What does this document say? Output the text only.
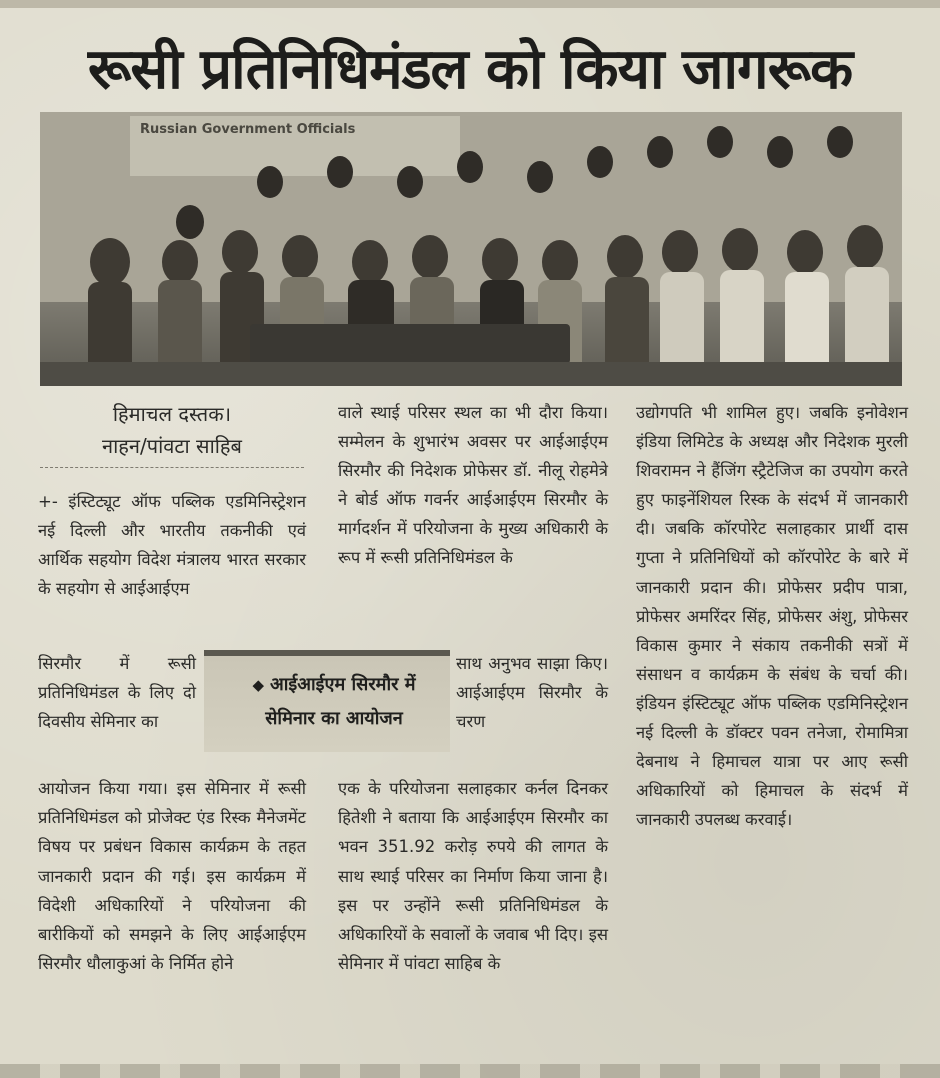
रूसी प्रतिनिधिमंडल को किया जागरूक
Russian Government Officials
हिमाचल दस्तक।
नाहन/पांवटा साहिब
+- इंस्टिट्यूट ऑफ पब्लिक एडमिनिस्ट्रेशन नई दिल्ली और भारतीय तकनीकी एवं आर्थिक सहयोग विदेश मंत्रालय भारत सरकार के सहयोग से आईआईएम
सिरमौर में रूसी प्रतिनिधिमंडल के लिए दो दिवसीय सेमिनार का
आयोजन किया गया। इस सेमिनार में रूसी प्रतिनिधिमंडल को प्रोजेक्ट एंड रिस्क मैनेजमेंट विषय पर प्रबंधन विकास कार्यक्रम के तहत जानकारी प्रदान की गई। इस कार्यक्रम में विदेशी अधिकारियों ने परियोजना की बारीकियों को समझने के लिए आईआईएम सिरमौर धौलाकुआं के निर्मित होने
वाले स्थाई परिसर स्थल का भी दौरा किया। सम्मेलन के शुभारंभ अवसर पर आईआईएम सिरमौर की निदेशक प्रोफेसर डॉ. नीलू रोहमेत्रे ने बोर्ड ऑफ गवर्नर आईआईएम सिरमौर के मार्गदर्शन में परियोजना के मुख्य अधिकारी के रूप में रूसी प्रतिनिधिमंडल के
साथ अनुभव साझा किए। आईआईएम सिरमौर के चरण
एक के परियोजना सलाहकार कर्नल दिनकर हितेशी ने बताया कि आईआईएम सिरमौर का भवन 351.92 करोड़ रुपये की लागत के साथ स्थाई परिसर का निर्माण किया जाना है। इस पर उन्होंने रूसी प्रतिनिधिमंडल के अधिकारियों के सवालों के जवाब भी दिए। इस सेमिनार में पांवटा साहिब के
उद्योगपति भी शामिल हुए। जबकि इनोवेशन इंडिया लिमिटेड के अध्यक्ष और निदेशक मुरली शिवरामन ने हैंजिंग स्ट्रैटेजिज का उपयोग करते हुए फाइनेंशियल रिस्क के संदर्भ में जानकारी दी। जबकि कॉरपोरेट सलाहकार प्रार्थी दास गुप्ता ने प्रतिनिधियों को कॉरपोरेट के बारे में जानकारी प्रदान की। प्रोफेसर प्रदीप पात्रा, प्रोफेसर अमरिंदर सिंह, प्रोफेसर अंशु, प्रोफेसर विकास कुमार ने संकाय तकनीकी सत्रों में संसाधन व कार्यक्रम के संबंध के चर्चा की। इंडियन इंस्टिट्यूट ऑफ पब्लिक एडमिनिस्ट्रेशन नई दिल्ली के डॉक्टर पवन तनेजा, रोमामित्रा देबनाथ ने हिमाचल यात्रा पर आए रूसी अधिकारियों को हिमाचल के संदर्भ में जानकारी उपलब्ध करवाई।
◆ आईआईएम सिरमौर में
सेमिनार का आयोजन
